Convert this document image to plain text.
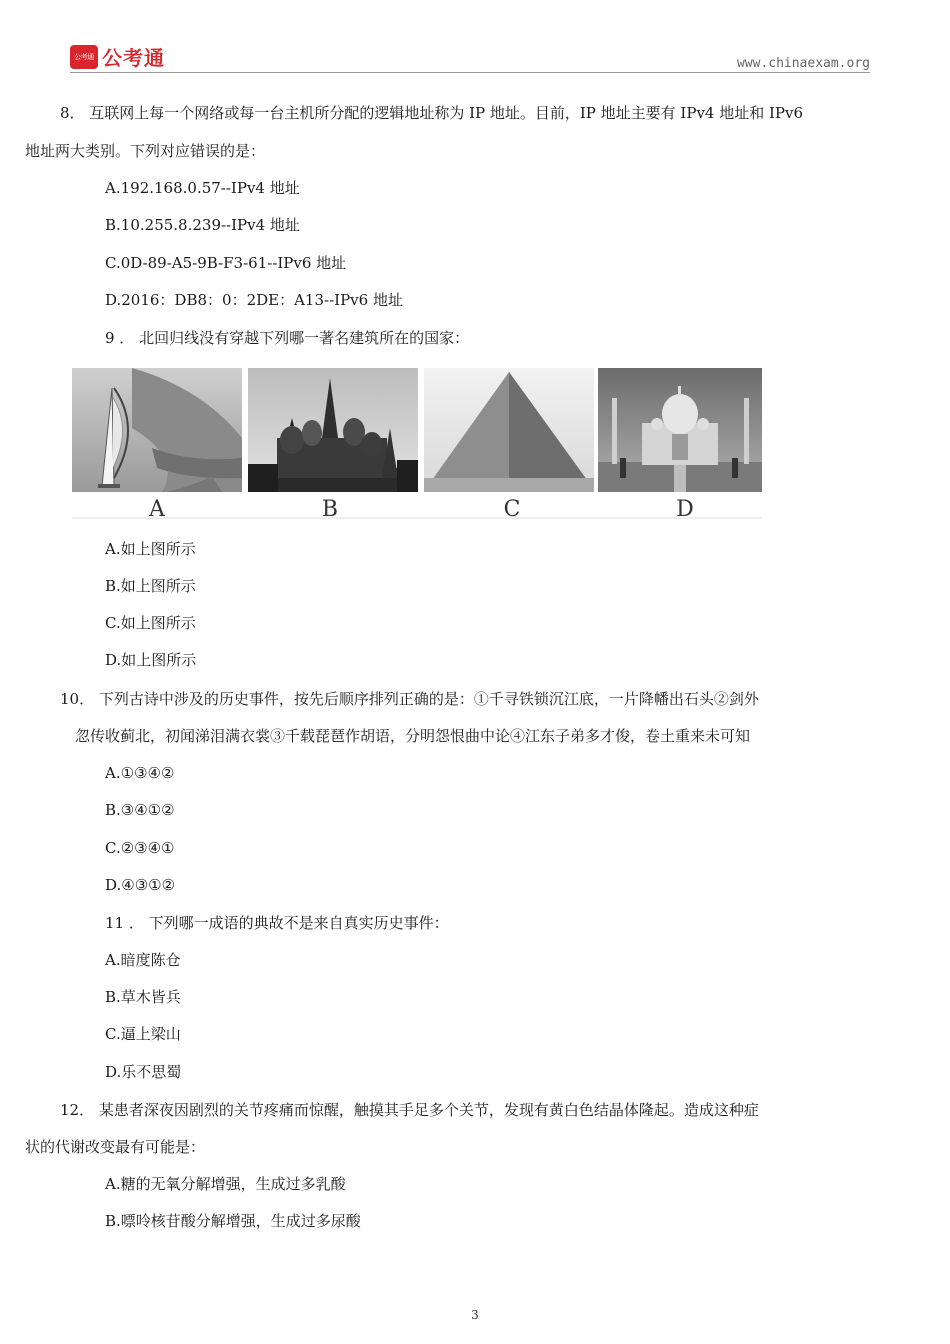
公考通 公考通	www.chinaexam.org
8． 互联网上每一个网络或每一台主机所分配的逻辑地址称为 IP 地址。目前，IP 地址主要有 IPv4 地址和 IPv6
地址两大类别。下列对应错误的是：
A.192.168.0.57--IPv4 地址
B.10.255.8.239--IPv4 地址
C.0D-89-A5-9B-F3-61--IPv6 地址
D.2016：DB8：0：2DE：A13--IPv6 地址
9 ． 北回归线没有穿越下列哪一著名建筑所在的国家：
A	B	C	D
A.如上图所示
B.如上图所示
C.如上图所示
D.如上图所示
10． 下列古诗中涉及的历史事件，按先后顺序排列正确的是：①千寻铁锁沉江底，一片降幡出石头②剑外
忽传收蓟北，初闻涕泪满衣裳③千载琵琶作胡语，分明怨恨曲中论④江东子弟多才俊，卷土重来未可知
A.①③④②
B.③④①②
C.②③④①
D.④③①②
11 ． 下列哪一成语的典故不是来自真实历史事件：
A.暗度陈仓
B.草木皆兵
C.逼上梁山
D.乐不思蜀
12． 某患者深夜因剧烈的关节疼痛而惊醒，触摸其手足多个关节，发现有黄白色结晶体隆起。造成这种症
状的代谢改变最有可能是：
A.糖的无氧分解增强，生成过多乳酸
B.嘌呤核苷酸分解增强，生成过多尿酸
3
